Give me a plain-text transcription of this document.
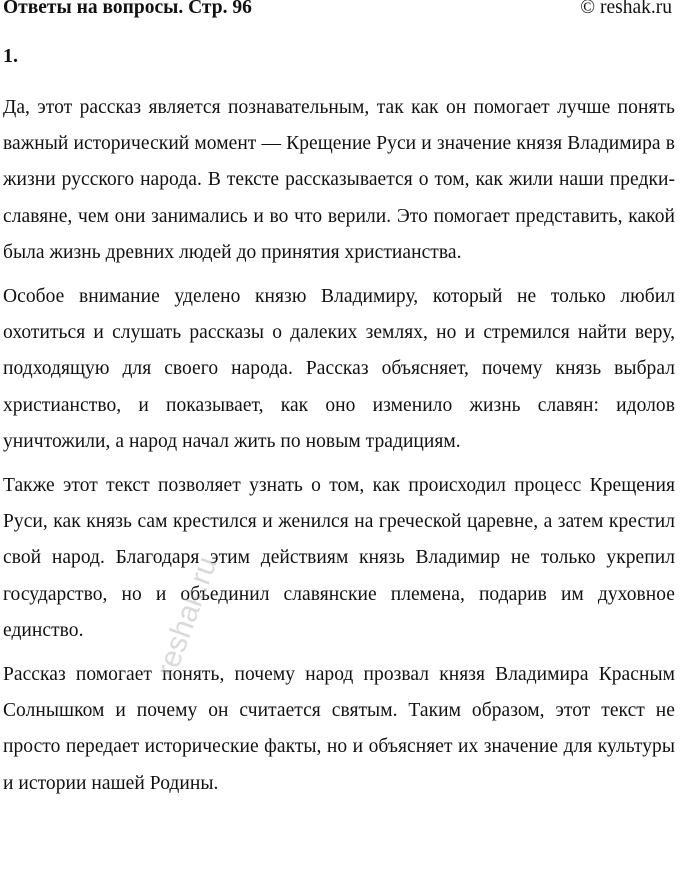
Ответы на вопросы. Стр. 96	© reshak.ru
1.

Да, этот рассказ является познавательным, так как он помогает лучше понять важный исторический момент — Крещение Руси и значение князя Владимира в жизни русского народа. В тексте рассказывается о том, как жили наши предки-славяне, чем они занимались и во что верили. Это помогает представить, какой была жизнь древних людей до принятия христианства.

Особое внимание уделено князю Владимиру, который не только любил охотиться и слушать рассказы о далеких землях, но и стремился найти веру, подходящую для своего народа. Рассказ объясняет, почему князь выбрал христианство, и показывает, как оно изменило жизнь славян: идолов уничтожили, а народ начал жить по новым традициям.

Также этот текст позволяет узнать о том, как происходил процесс Крещения Руси, как князь сам крестился и женился на греческой царевне, а затем крестил свой народ. Благодаря этим действиям князь Владимир не только укрепил государство, но и объединил славянские племена, подарив им духовное единство.

Рассказ помогает понять, почему народ прозвал князя Владимира Красным Солнышком и почему он считается святым. Таким образом, этот текст не просто передает исторические факты, но и объясняет их значение для культуры и истории нашей Родины.

reshak.ru
